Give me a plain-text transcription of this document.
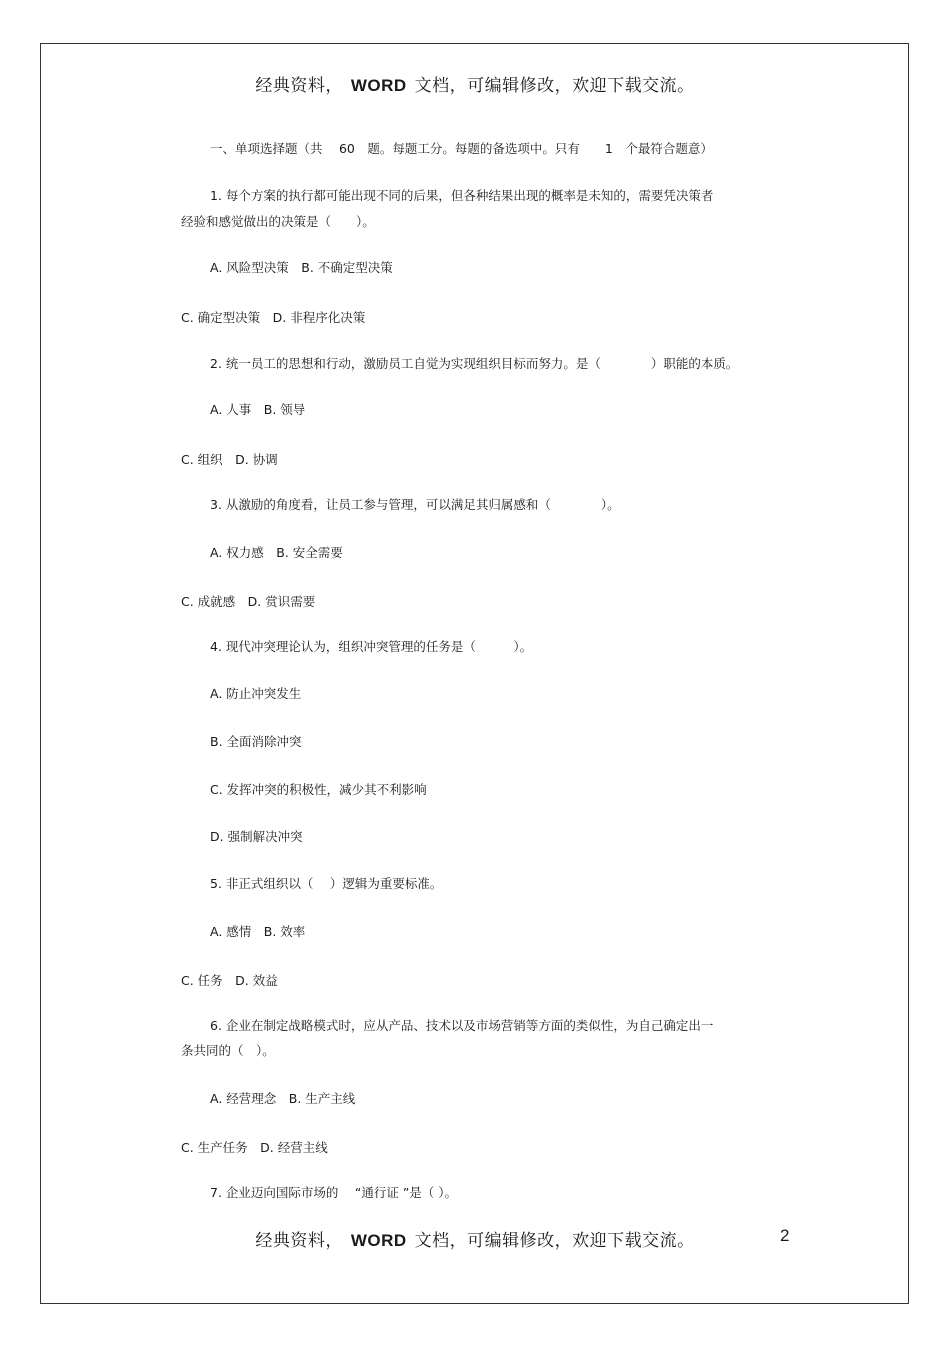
经典资料， WORD 文档，可编辑修改，欢迎下载交流。
一、单项选择题（共　 60　题。每题工分。每题的备选项中。只有　　1　个最符合题意）
1. 每个方案的执行都可能出现不同的后果，但各种结果出现的概率是未知的，需要凭决策者
经验和感觉做出的决策是（　　）。
A. 风险型决策　B. 不确定型决策
C. 确定型决策　D. 非程序化决策
2. 统一员工的思想和行动，激励员工自觉为实现组织目标而努力。是（　　　　）职能的本质。
A. 人事　B. 领导
C. 组织　D. 协调
3. 从激励的角度看，让员工参与管理，可以满足其归属感和（　　　　）。
A. 权力感　B. 安全需要
C. 成就感　D. 赏识需要
4. 现代冲突理论认为，组织冲突管理的任务是（　　　）。
A. 防止冲突发生
B. 全面消除冲突
C. 发挥冲突的积极性，减少其不利影响
D. 强制解决冲突
5. 非正式组织以（　 ）逻辑为重要标准。
A. 感情　B. 效率
C. 任务　D. 效益
6. 企业在制定战略模式时，应从产品、技术以及市场营销等方面的类似性，为自己确定出一
条共同的（　）。
A. 经营理念　B. 生产主线
C. 生产任务　D. 经营主线
7. 企业迈向国际市场的　 “通行证 ”是（ ）。
经典资料， WORD 文档，可编辑修改，欢迎下载交流。	2
